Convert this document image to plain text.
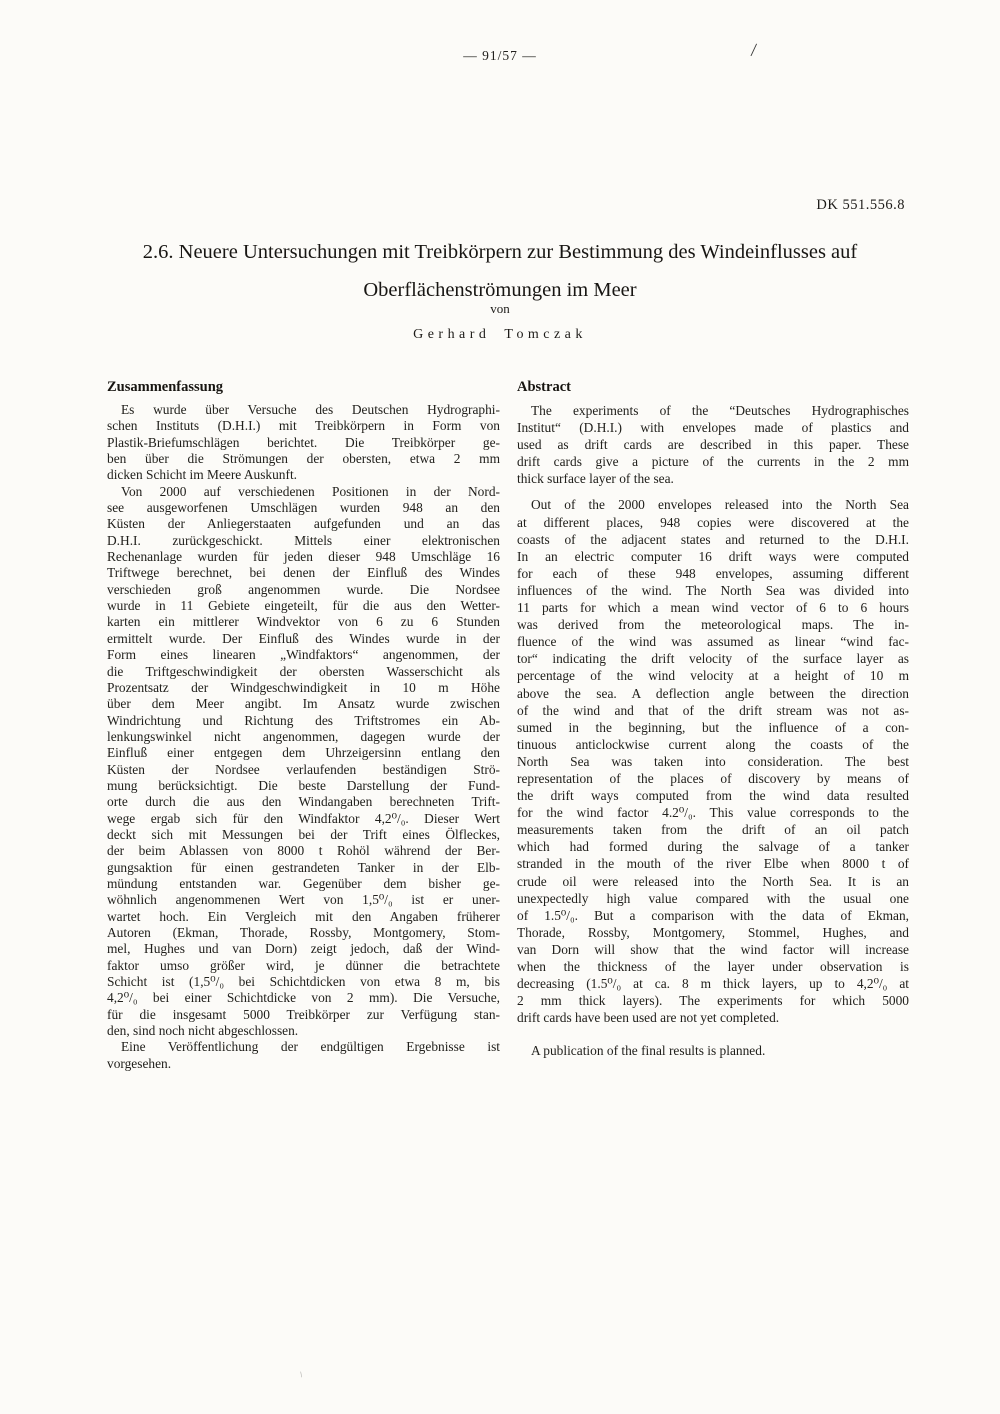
— 91/57 —	/
DK 551.556.8
2.6. Neuere Untersuchungen mit Treibkörpern zur Bestimmung des Windeinflusses auf
Oberflächenströmungen im Meer
von
Gerhard Tomczak
Zusammenfassung
Es wurde über Versuche des Deutschen Hydrographi-
schen Instituts (D.H.I.) mit Treibkörpern in Form von
Plastik-Briefumschlägen berichtet. Die Treibkörper ge-
ben über die Strömungen der obersten, etwa 2 mm
dicken Schicht im Meere Auskunft.
Von 2000 auf verschiedenen Positionen in der Nord-
see ausgeworfenen Umschlägen wurden 948 an den
Küsten der Anliegerstaaten aufgefunden und an das
D.H.I. zurückgeschickt. Mittels einer elektronischen
Rechenanlage wurden für jeden dieser 948 Umschläge 16
Triftwege berechnet, bei denen der Einfluß des Windes
verschieden groß angenommen wurde. Die Nordsee
wurde in 11 Gebiete eingeteilt, für die aus den Wetter-
karten ein mittlerer Windvektor von 6 zu 6 Stunden
ermittelt wurde. Der Einfluß des Windes wurde in der
Form eines linearen „Windfaktors“ angenommen, der
die Triftgeschwindigkeit der obersten Wasserschicht als
Prozentsatz der Windgeschwindigkeit in 10 m Höhe
über dem Meer angibt. Im Ansatz wurde zwischen
Windrichtung und Richtung des Triftstromes ein Ab-
lenkungswinkel nicht angenommen, dagegen wurde der
Einfluß einer entgegen dem Uhrzeigersinn entlang den
Küsten der Nordsee verlaufenden beständigen Strö-
mung berücksichtigt. Die beste Darstellung der Fund-
orte durch die aus den Windangaben berechneten Trift-
wege ergab sich für den Windfaktor 4,2⁰/₀. Dieser Wert
deckt sich mit Messungen bei der Trift eines Ölfleckes,
der beim Ablassen von 8000 t Rohöl während der Ber-
gungsaktion für einen gestrandeten Tanker in der Elb-
mündung entstanden war. Gegenüber dem bisher ge-
wöhnlich angenommenen Wert von 1,5⁰/₀ ist er uner-
wartet hoch. Ein Vergleich mit den Angaben früherer
Autoren (Ekman, Thorade, Rossby, Montgomery, Stom-
mel, Hughes und van Dorn) zeigt jedoch, daß der Wind-
faktor umso größer wird, je dünner die betrachtete
Schicht ist (1,5⁰/₀ bei Schichtdicken von etwa 8 m, bis
4,2⁰/₀ bei einer Schichtdicke von 2 mm). Die Versuche,
für die insgesamt 5000 Treibkörper zur Verfügung stan-
den, sind noch nicht abgeschlossen.
Eine Veröffentlichung der endgültigen Ergebnisse ist
vorgesehen.
Abstract
The experiments of the “Deutsches Hydrographisches
Institut“ (D.H.I.) with envelopes made of plastics and
used as drift cards are described in this paper. These
drift cards give a picture of the currents in the 2 mm
thick surface layer of the sea.
Out of the 2000 envelopes released into the North Sea
at different places, 948 copies were discovered at the
coasts of the adjacent states and returned to the D.H.I.
In an electric computer 16 drift ways were computed
for each of these 948 envelopes, assuming different
influences of the wind. The North Sea was divided into
11 parts for which a mean wind vector of 6 to 6 hours
was derived from the meteorological maps. The in-
fluence of the wind was assumed as linear “wind fac-
tor“ indicating the drift velocity of the surface layer as
percentage of the wind velocity at a height of 10 m
above the sea. A deflection angle between the direction
of the wind and that of the drift stream was not as-
sumed in the beginning, but the influence of a con-
tinuous anticlockwise current along the coasts of the
North Sea was taken into consideration. The best
representation of the places of discovery by means of
the drift ways computed from the wind data resulted
for the wind factor 4.2⁰/₀. This value corresponds to the
measurements taken from the drift of an oil patch
which had formed during the salvage of a tanker
stranded in the mouth of the river Elbe when 8000 t of
crude oil were released into the North Sea. It is an
unexpectedly high value compared with the usual one
of 1.5⁰/₀. But a comparison with the data of Ekman,
Thorade, Rossby, Montgomery, Stommel, Hughes, and
van Dorn will show that the wind factor will increase
when the thickness of the layer under observation is
decreasing (1.5⁰/₀ at ca. 8 m thick layers, up to 4,2⁰/₀ at
2 mm thick layers). The experiments for which 5000
drift cards have been used are not yet completed.
A publication of the final results is planned.
\
